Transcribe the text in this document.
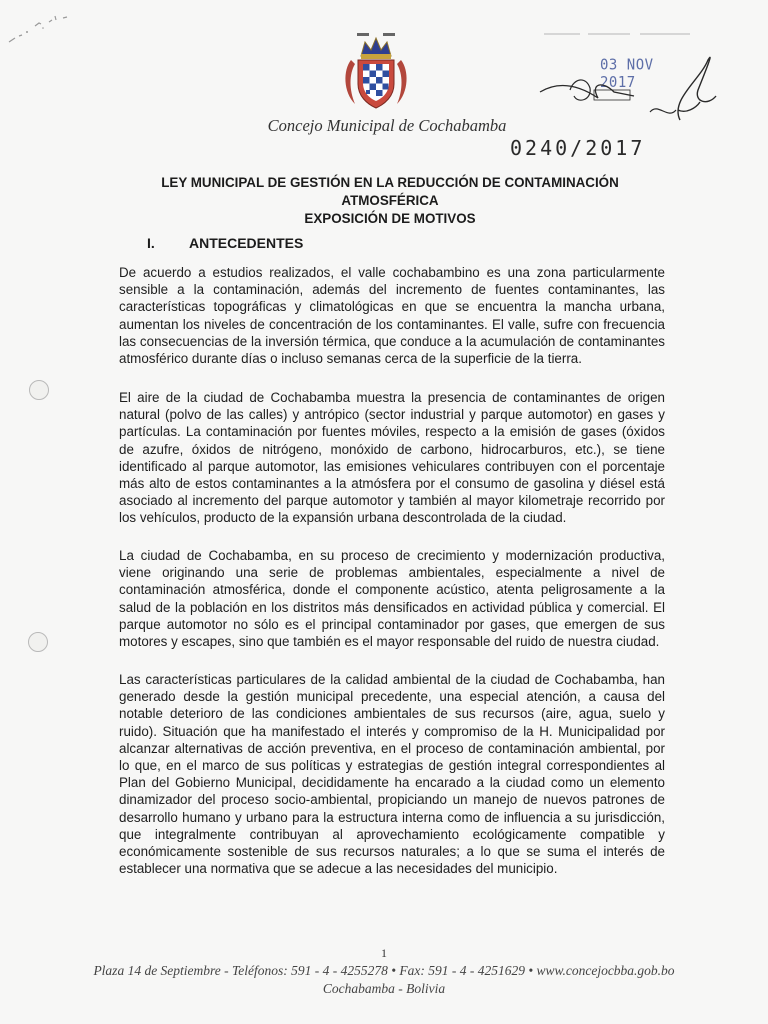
Concejo Municipal de Cochabamba
03 NOV 2017
0240/2017
LEY MUNICIPAL DE GESTIÓN EN LA REDUCCIÓN DE CONTAMINACIÓN
ATMOSFÉRICA
EXPOSICIÓN DE MOTIVOS
I. ANTECEDENTES

De acuerdo a estudios realizados, el valle cochabambino es una zona particularmente sensible a la contaminación, además del incremento de fuentes contaminantes, las características topográficas y climatológicas en que se encuentra la mancha urbana, aumentan los niveles de concentración de los contaminantes. El valle, sufre con frecuencia las consecuencias de la inversión térmica, que conduce a la acumulación de contaminantes atmosférico durante días o incluso semanas cerca de la superficie de la tierra.

El aire de la ciudad de Cochabamba muestra la presencia de contaminantes de origen natural (polvo de las calles) y antrópico (sector industrial y parque automotor) en gases y partículas. La contaminación por fuentes móviles, respecto a la emisión de gases (óxidos de azufre, óxidos de nitrógeno, monóxido de carbono, hidrocarburos, etc.), se tiene identificado al parque automotor, las emisiones vehiculares contribuyen con el porcentaje más alto de estos contaminantes a la atmósfera por el consumo de gasolina y diésel está asociado al incremento del parque automotor y también al mayor kilometraje recorrido por los vehículos, producto de la expansión urbana descontrolada de la ciudad.

La ciudad de Cochabamba, en su proceso de crecimiento y modernización productiva, viene originando una serie de problemas ambientales, especialmente a nivel de contaminación atmosférica, donde el componente acústico, atenta peligrosamente a la salud de la población en los distritos más densificados en actividad pública y comercial. El parque automotor no sólo es el principal contaminador por gases, que emergen de sus motores y escapes, sino que también es el mayor responsable del ruido de nuestra ciudad.

Las características particulares de la calidad ambiental de la ciudad de Cochabamba, han generado desde la gestión municipal precedente, una especial atención, a causa del notable deterioro de las condiciones ambientales de sus recursos (aire, agua, suelo y ruido). Situación que ha manifestado el interés y compromiso de la H. Municipalidad por alcanzar alternativas de acción preventiva, en el proceso de contaminación ambiental, por lo que, en el marco de sus políticas y estrategias de gestión integral correspondientes al Plan del Gobierno Municipal, decididamente ha encarado a la ciudad como un elemento dinamizador del proceso socio-ambiental, propiciando un manejo de nuevos patrones de desarrollo humano y urbano para la estructura interna como de influencia a su jurisdicción, que integralmente contribuyan al aprovechamiento ecológicamente compatible y económicamente sostenible de sus recursos naturales; a lo que se suma el interés de establecer una normativa que se adecue a las necesidades del municipio.

1
Plaza 14 de Septiembre - Teléfonos: 591 - 4 - 4255278 • Fax: 591 - 4 - 4251629 • www.concejocbba.gob.bo
Cochabamba - Bolivia
